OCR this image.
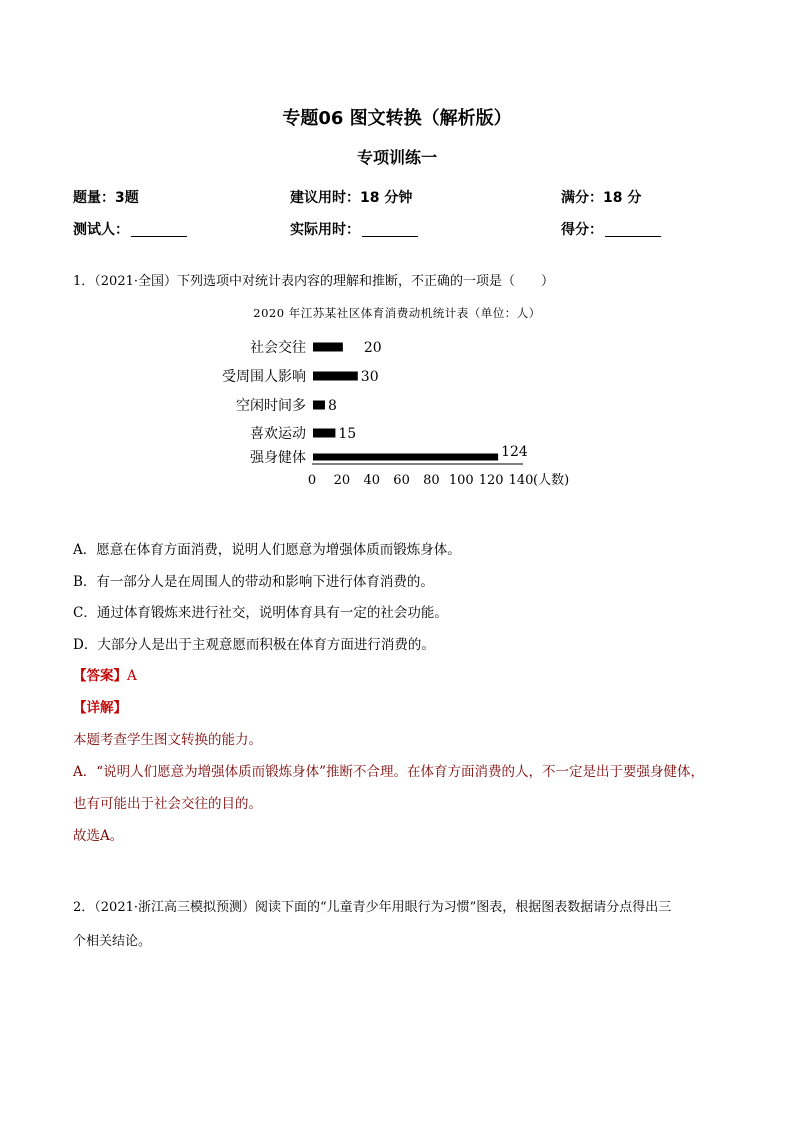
专题06 图文转换（解析版）
专项训练一
题量：3题	建议用时：18 分钟	满分：18 分
测试人：	实际用时：	得分：
1．（2021·全国）下列选项中对统计表内容的理解和推断，不正确的一项是（　　）
2020 年江苏某社区体育消费动机统计表（单位：人）
社会交往	20
受周围人影响	30
空闲时间多 8
喜欢运动 15
强身健体	124
0 20 40 60 80 100 120 140 (人数)
A．愿意在体育方面消费，说明人们愿意为增强体质而锻炼身体。
B．有一部分人是在周围人的带动和影响下进行体育消费的。
C．通过体育锻炼来进行社交，说明体育具有一定的社会功能。
D．大部分人是出于主观意愿而积极在体育方面进行消费的。
【答案】A
【详解】
本题考查学生图文转换的能力。
A．“说明人们愿意为增强体质而锻炼身体”推断不合理。在体育方面消费的人，不一定是出于要强身健体，
也有可能出于社会交往的目的。
故选A。
2．（2021·浙江高三模拟预测）阅读下面的“儿童青少年用眼行为习惯”图表，根据图表数据请分点得出三
个相关结论。
